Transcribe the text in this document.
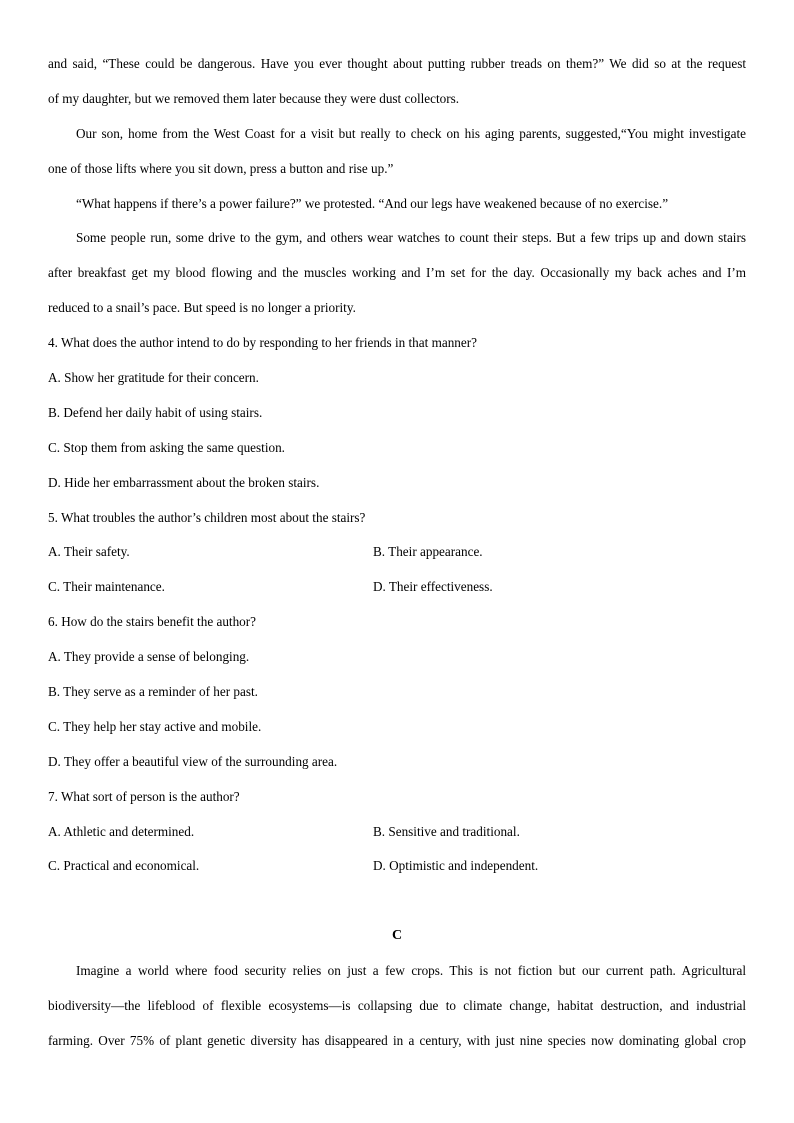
and said, “These could be dangerous. Have you ever thought about putting rubber treads on them?” We did so at the request
of my daughter, but we removed them later because they were dust collectors.
Our son, home from the West Coast for a visit but really to check on his aging parents, suggested,“You might investigate
one of those lifts where you sit down, press a button and rise up.”
“What happens if there’s a power failure?” we protested. “And our legs have weakened because of no exercise.”
Some people run, some drive to the gym, and others wear watches to count their steps. But a few trips up and down stairs
after breakfast get my blood flowing and the muscles working and I’m set for the day. Occasionally my back aches and I’m
reduced to a snail’s pace. But speed is no longer a priority.
4. What does the author intend to do by responding to her friends in that manner?
A. Show her gratitude for their concern.
B. Defend her daily habit of using stairs.
C. Stop them from asking the same question.
D. Hide her embarrassment about the broken stairs.
5. What troubles the author’s children most about the stairs?
A. Their safety.	B. Their appearance.
C. Their maintenance.	D. Their effectiveness.
6. How do the stairs benefit the author?
A. They provide a sense of belonging.
B. They serve as a reminder of her past.
C. They help her stay active and mobile.
D. They offer a beautiful view of the surrounding area.
7. What sort of person is the author?
A. Athletic and determined.	B. Sensitive and traditional.
C. Practical and economical.	D. Optimistic and independent.
C
Imagine a world where food security relies on just a few crops. This is not fiction but our current path. Agricultural
biodiversity—the lifeblood of flexible ecosystems—is collapsing due to climate change, habitat destruction, and industrial
farming. Over 75% of plant genetic diversity has disappeared in a century, with just nine species now dominating global crop
